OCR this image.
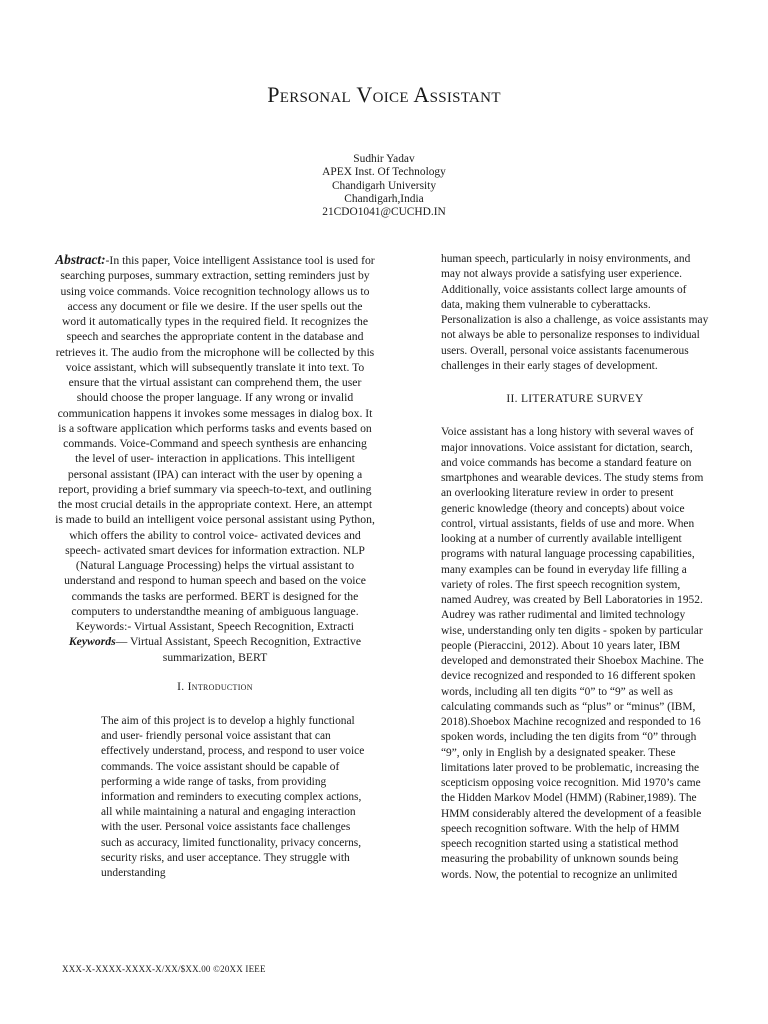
Personal Voice Assistant
Sudhir Yadav
APEX Inst. Of Technology
Chandigarh University
Chandigarh,India
21CDO1041@CUCHD.IN
Abstract:-In this paper, Voice intelligent Assistance tool is used for searching purposes, summary extraction, setting reminders just by using voice commands. Voice recognition technology allows us to access any document or file we desire. If the user spells out the word it automatically types in the required field. It recognizes the speech and searches the appropriate content in the database and retrieves it. The audio from the microphone will be collected by this voice assistant, which will subsequently translate it into text. To ensure that the virtual assistant can comprehend them, the user should choose the proper language. If any wrong or invalid communication happens it invokes some messages in dialog box. It is a software application which performs tasks and events based on commands. Voice-Command and speech synthesis are enhancing the level of user- interaction in applications. This intelligent personal assistant (IPA) can interact with the user by opening a report, providing a brief summary via speech-to-text, and outlining the most crucial details in the appropriate context. Here, an attempt is made to build an intelligent voice personal assistant using Python, which offers the ability to control voice- activated devices and speech- activated smart devices for information extraction. NLP (Natural Language Processing) helps the virtual assistant to understand and respond to human speech and based on the voice commands the tasks are performed. BERT is designed for the computers to understandthe meaning of ambiguous language. Keywords:- Virtual Assistant, Speech Recognition, Extracti
Keywords— Virtual Assistant, Speech Recognition, Extractive summarization, BERT
I. Introduction
The aim of this project is to develop a highly functional and user- friendly personal voice assistant that can effectively understand, process, and respond to user voice commands. The voice assistant should be capable of performing a wide range of tasks, from providing information and reminders to executing complex actions, all while maintaining a natural and engaging interaction with the user. Personal voice assistants face challenges such as accuracy, limited functionality, privacy concerns, security risks, and user acceptance. They struggle with understanding
human speech, particularly in noisy environments, and may not always provide a satisfying user experience. Additionally, voice assistants collect large amounts of data, making them vulnerable to cyberattacks. Personalization is also a challenge, as voice assistants may not always be able to personalize responses to individual users. Overall, personal voice assistants facenumerous challenges in their early stages of development.
II. LITERATURE SURVEY
Voice assistant has a long history with several waves of major innovations. Voice assistant for dictation, search, and voice commands has become a standard feature on smartphones and wearable devices. The study stems from an overlooking literature review in order to present generic knowledge (theory and concepts) about voice control, virtual assistants, fields of use and more. When looking at a number of currently available intelligent programs with natural language processing capabilities, many examples can be found in everyday life filling a variety of roles. The first speech recognition system, named Audrey, was created by Bell Laboratories in 1952. Audrey was rather rudimental and limited technology wise, understanding only ten digits - spoken by particular people (Pieraccini, 2012). About 10 years later, IBM developed and demonstrated their Shoebox Machine. The device recognized and responded to 16 different spoken words, including all ten digits “0” to “9” as well as calculating commands such as “plus” or “minus” (IBM, 2018).Shoebox Machine recognized and responded to 16 spoken words, including the ten digits from “0” through “9”, only in English by a designated speaker. These limitations later proved to be problematic, increasing the scepticism opposing voice recognition. Mid 1970’s came the Hidden Markov Model (HMM) (Rabiner,1989). The HMM considerably altered the development of a feasible speech recognition software. With the help of HMM speech recognition started using a statistical method measuring the probability of unknown sounds being words. Now, the potential to recognize an unlimited
XXX-X-XXXX-XXXX-X/XX/$XX.00 ©20XX IEEE
